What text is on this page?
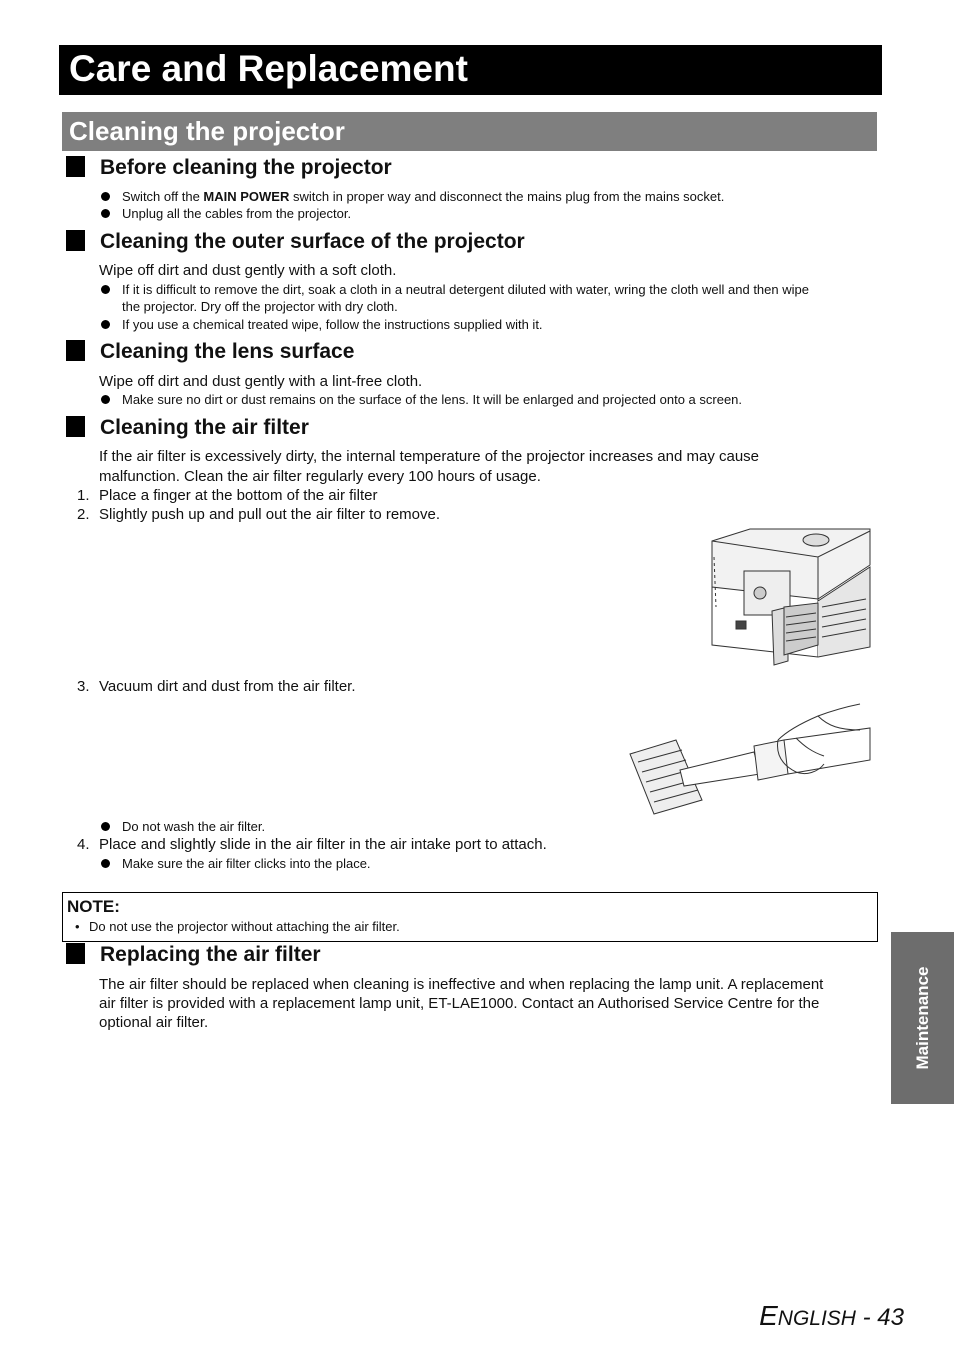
Care and Replacement
Cleaning the projector
Before cleaning the projector
Switch off the MAIN POWER switch in proper way and disconnect the mains plug from the mains socket.
Unplug all the cables from the projector.
Cleaning the outer surface of the projector
Wipe off dirt and dust gently with a soft cloth.
If it is difficult to remove the dirt, soak a cloth in a neutral detergent diluted with water, wring the cloth well and then wipe
the projector. Dry off the projector with dry cloth.
If you use a chemical treated wipe, follow the instructions supplied with it.
Cleaning the lens surface
Wipe off dirt and dust gently with a lint-free cloth.
Make sure no dirt or dust remains on the surface of the lens. It will be enlarged and projected onto a screen.
Cleaning the air filter
If the air filter is excessively dirty, the internal temperature of the projector increases and may cause
malfunction. Clean the air filter regularly every 100 hours of usage.
1. Place a finger at the bottom of the air filter
2. Slightly push up and pull out the air filter to remove.
3. Vacuum dirt and dust from the air filter.
Do not wash the air filter.
4. Place and slightly slide in the air filter in the air intake port to attach.
Make sure the air filter clicks into the place.
NOTE:
• Do not use the projector without attaching the air filter.
Replacing the air filter
The air filter should be replaced when cleaning is ineffective and when replacing the lamp unit. A replacement
air filter is provided with a replacement lamp unit, ET-LAE1000. Contact an Authorised Service Centre for the
optional air filter.	Maintenance
ENGLISH - 43
